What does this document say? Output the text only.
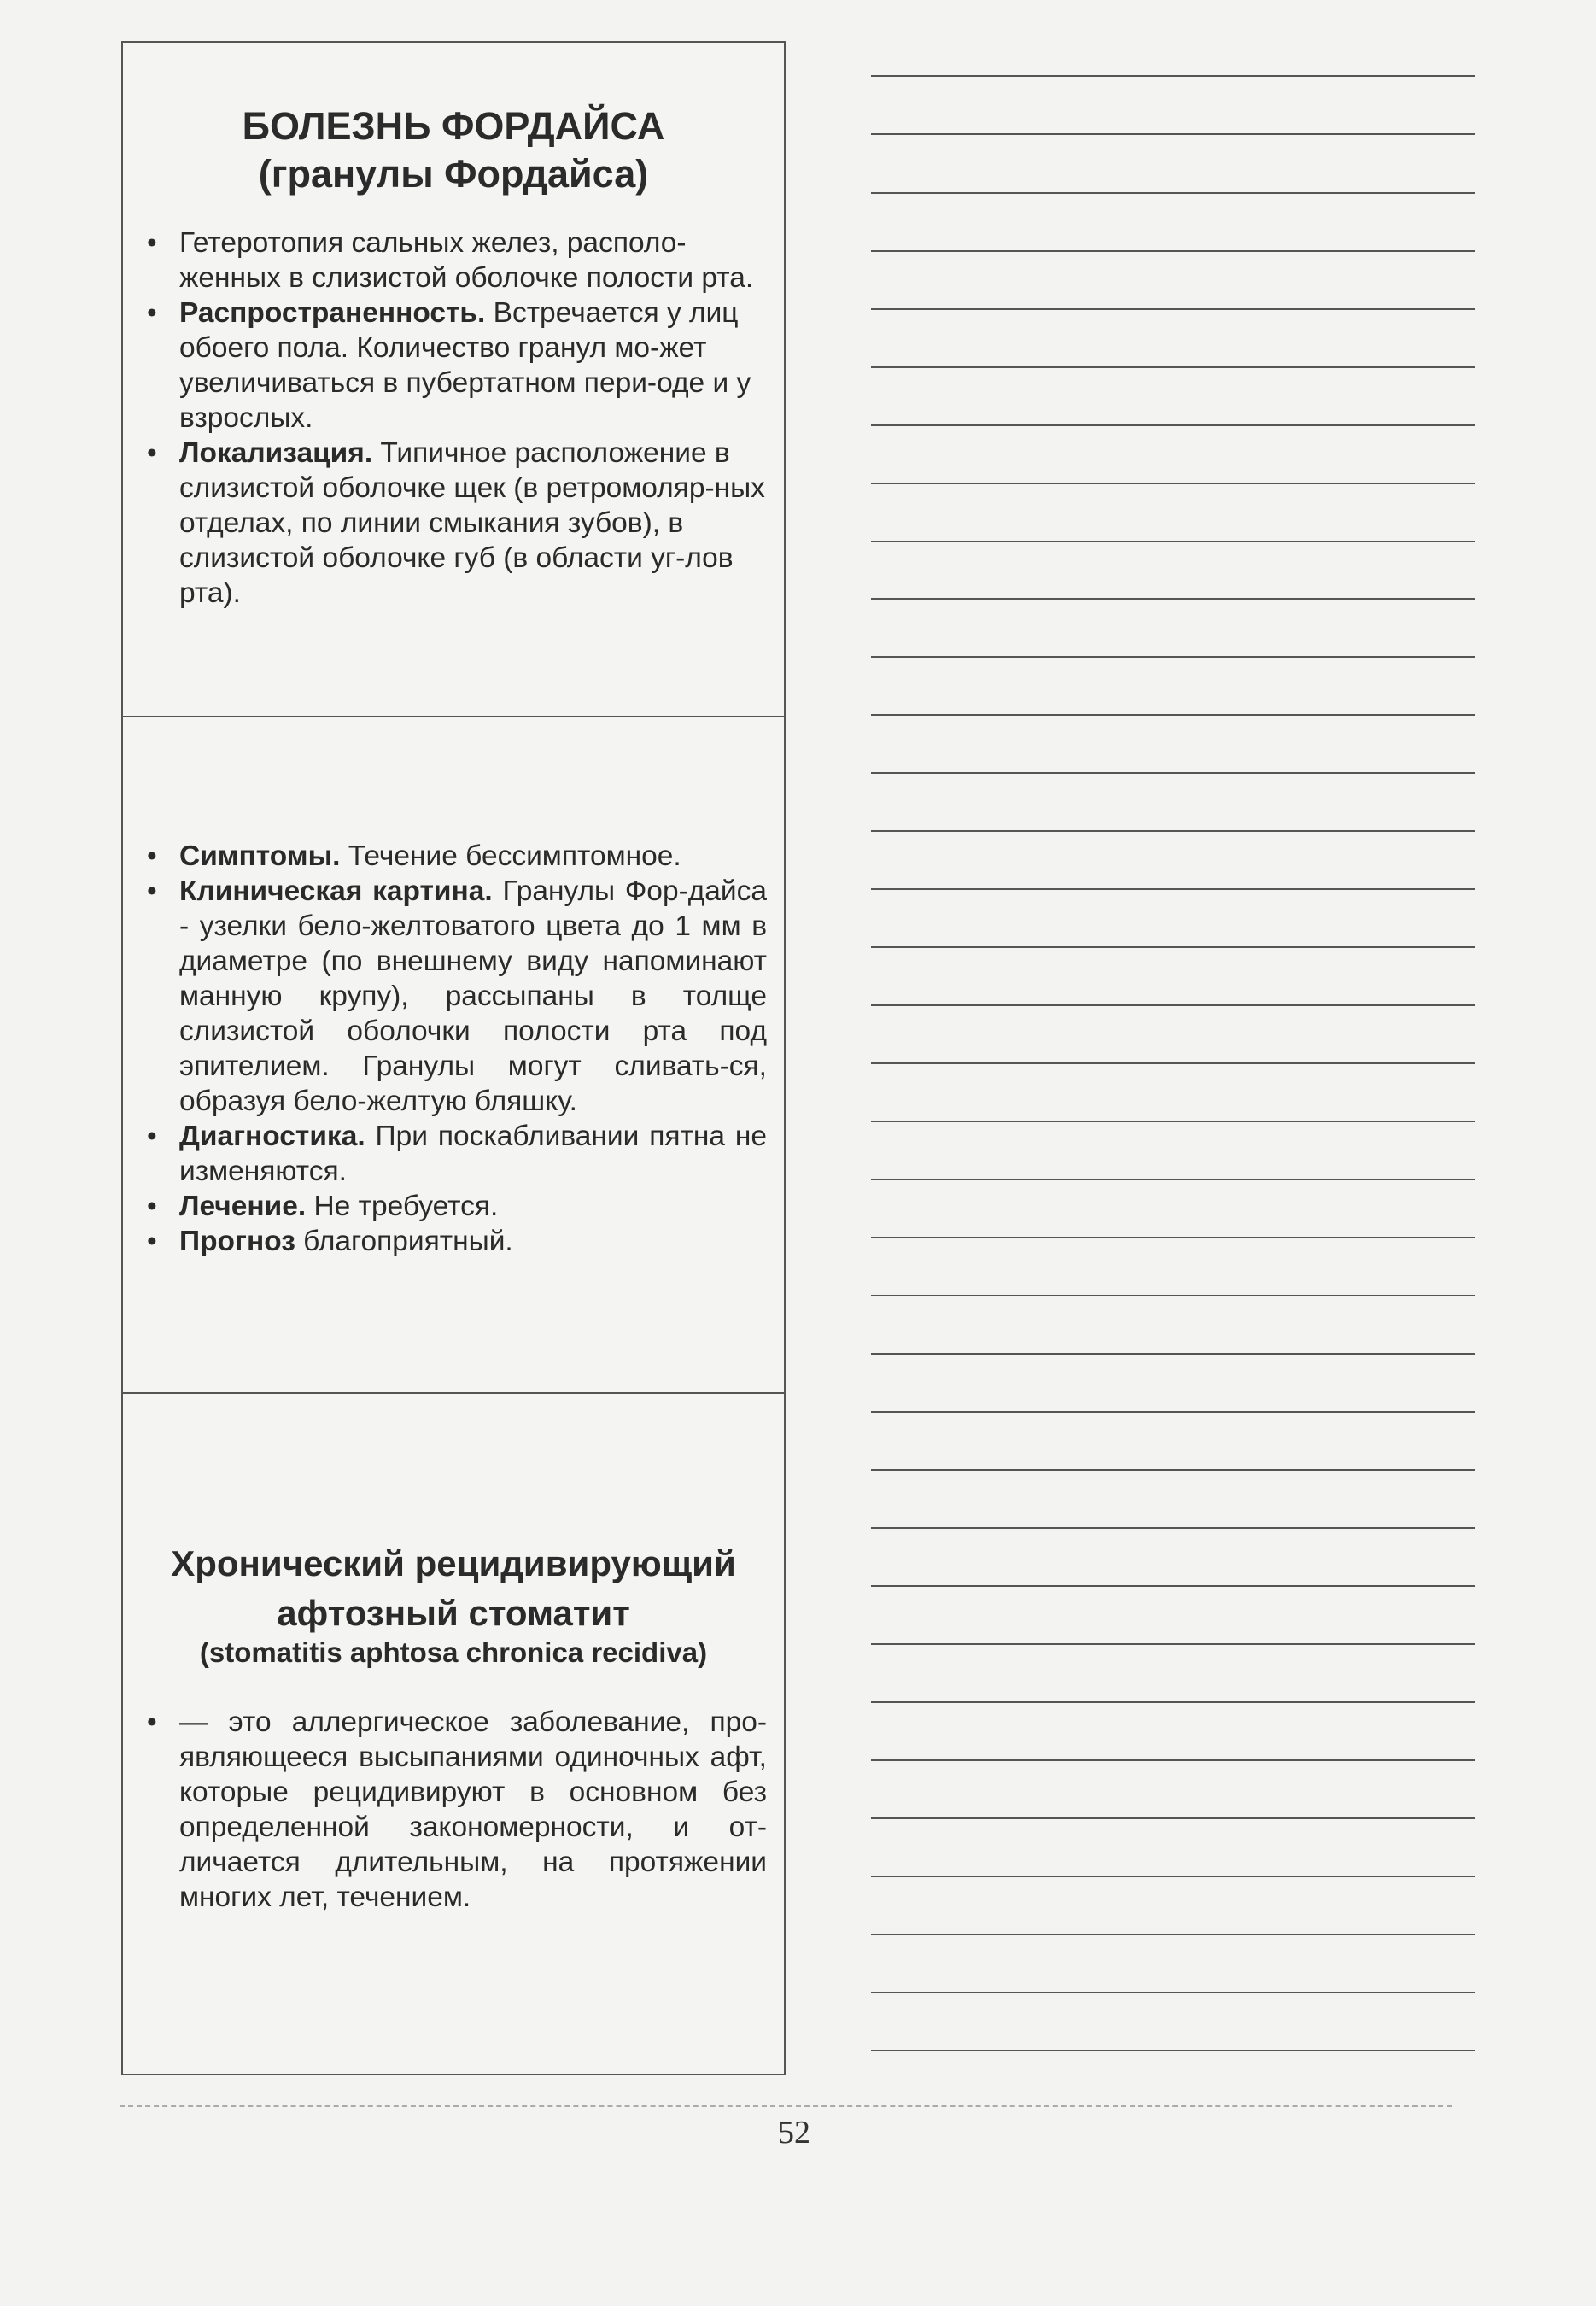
БОЛЕЗНЬ ФОРДАЙСА
(гранулы Фордайса)
• Гетеротопия сальных желез, располо-женных в слизистой оболочке полости рта.
• Распространенность. Встречается у лиц обоего пола. Количество гранул мо-жет увеличиваться в пубертатном пери-оде и у взрослых.
• Локализация. Типичное расположение в слизистой оболочке щек (в ретромоляр-ных отделах, по линии смыкания зубов), в слизистой оболочке губ (в области уг-лов рта).
• Симптомы. Течение бессимптомное.
• Клиническая картина. Гранулы Фор-дайса - узелки бело-желтоватого цвета до 1 мм в диаметре (по внешнему виду напоминают манную крупу), рассыпаны в толще слизистой оболочки полости рта под эпителием. Гранулы могут сливать-ся, образуя бело-желтую бляшку.
• Диагностика. При поскабливании пятна не изменяются.
• Лечение. Не требуется.
• Прогноз благоприятный.
Хронический рецидивирующий
афтозный стоматит
(stomatitis aphtosa chronica recidiva)
• — это аллергическое заболевание, про-являющееся высыпаниями одиночных афт, которые рецидивируют в основном без определенной закономерности, и от-личается длительным, на протяжении многих лет, течением.
52
